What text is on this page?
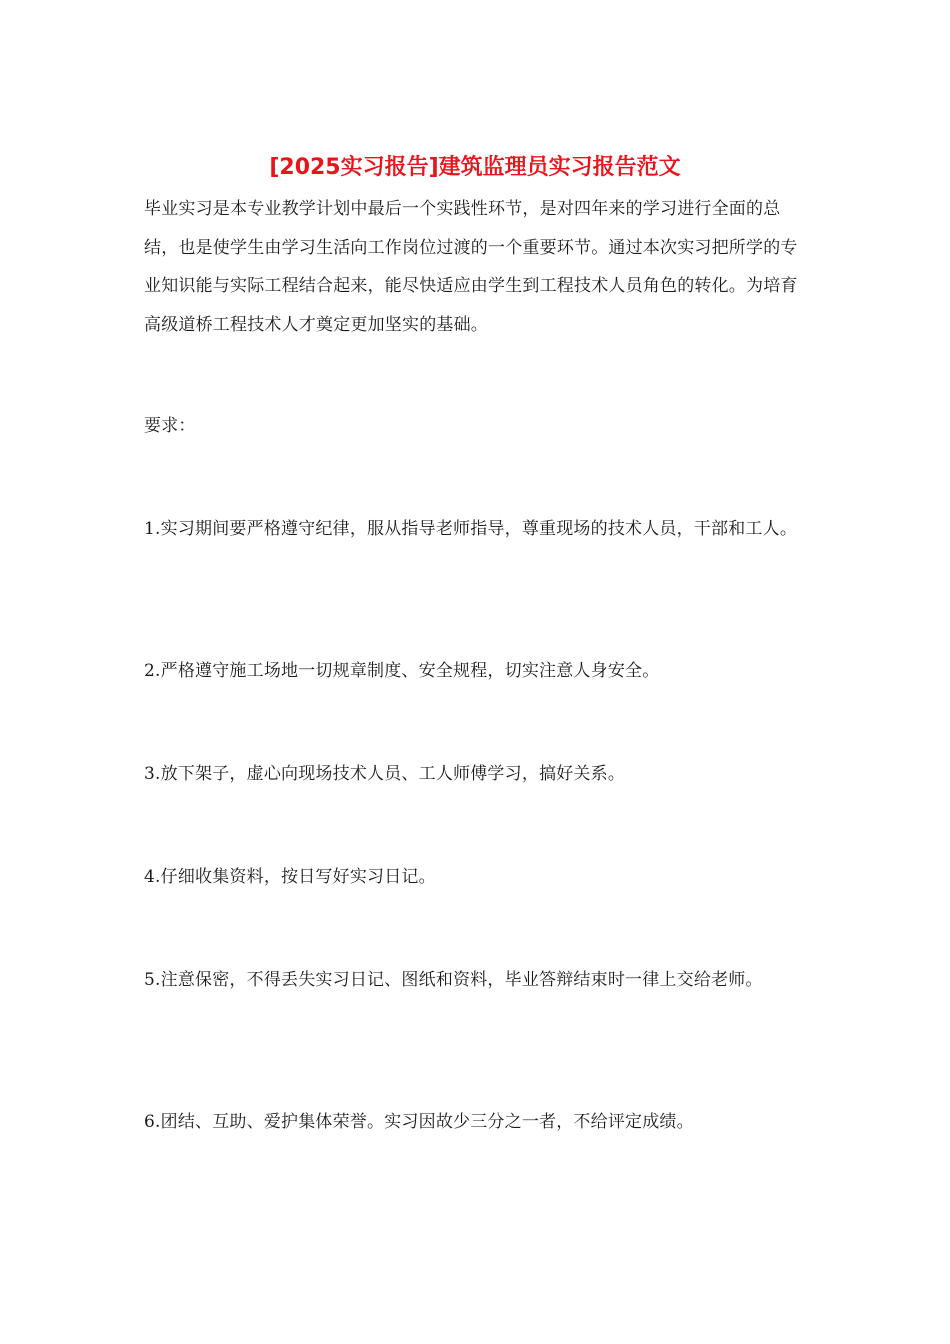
[2025实习报告]建筑监理员实习报告范文

毕业实习是本专业教学计划中最后一个实践性环节，是对四年来的学习进行全面的总结，也是使学生由学习生活向工作岗位过渡的一个重要环节。通过本次实习把所学的专业知识能与实际工程结合起来，能尽快适应由学生到工程技术人员角色的转化。为培育高级道桥工程技术人才奠定更加坚实的基础。

要求：

1.实习期间要严格遵守纪律，服从指导老师指导，尊重现场的技术人员，干部和工人。

2.严格遵守施工场地一切规章制度、安全规程，切实注意人身安全。

3.放下架子，虚心向现场技术人员、工人师傅学习，搞好关系。

4.仔细收集资料，按日写好实习日记。

5.注意保密，不得丢失实习日记、图纸和资料，毕业答辩结束时一律上交给老师。

6.团结、互助、爱护集体荣誉。实习因故少三分之一者，不给评定成绩。
